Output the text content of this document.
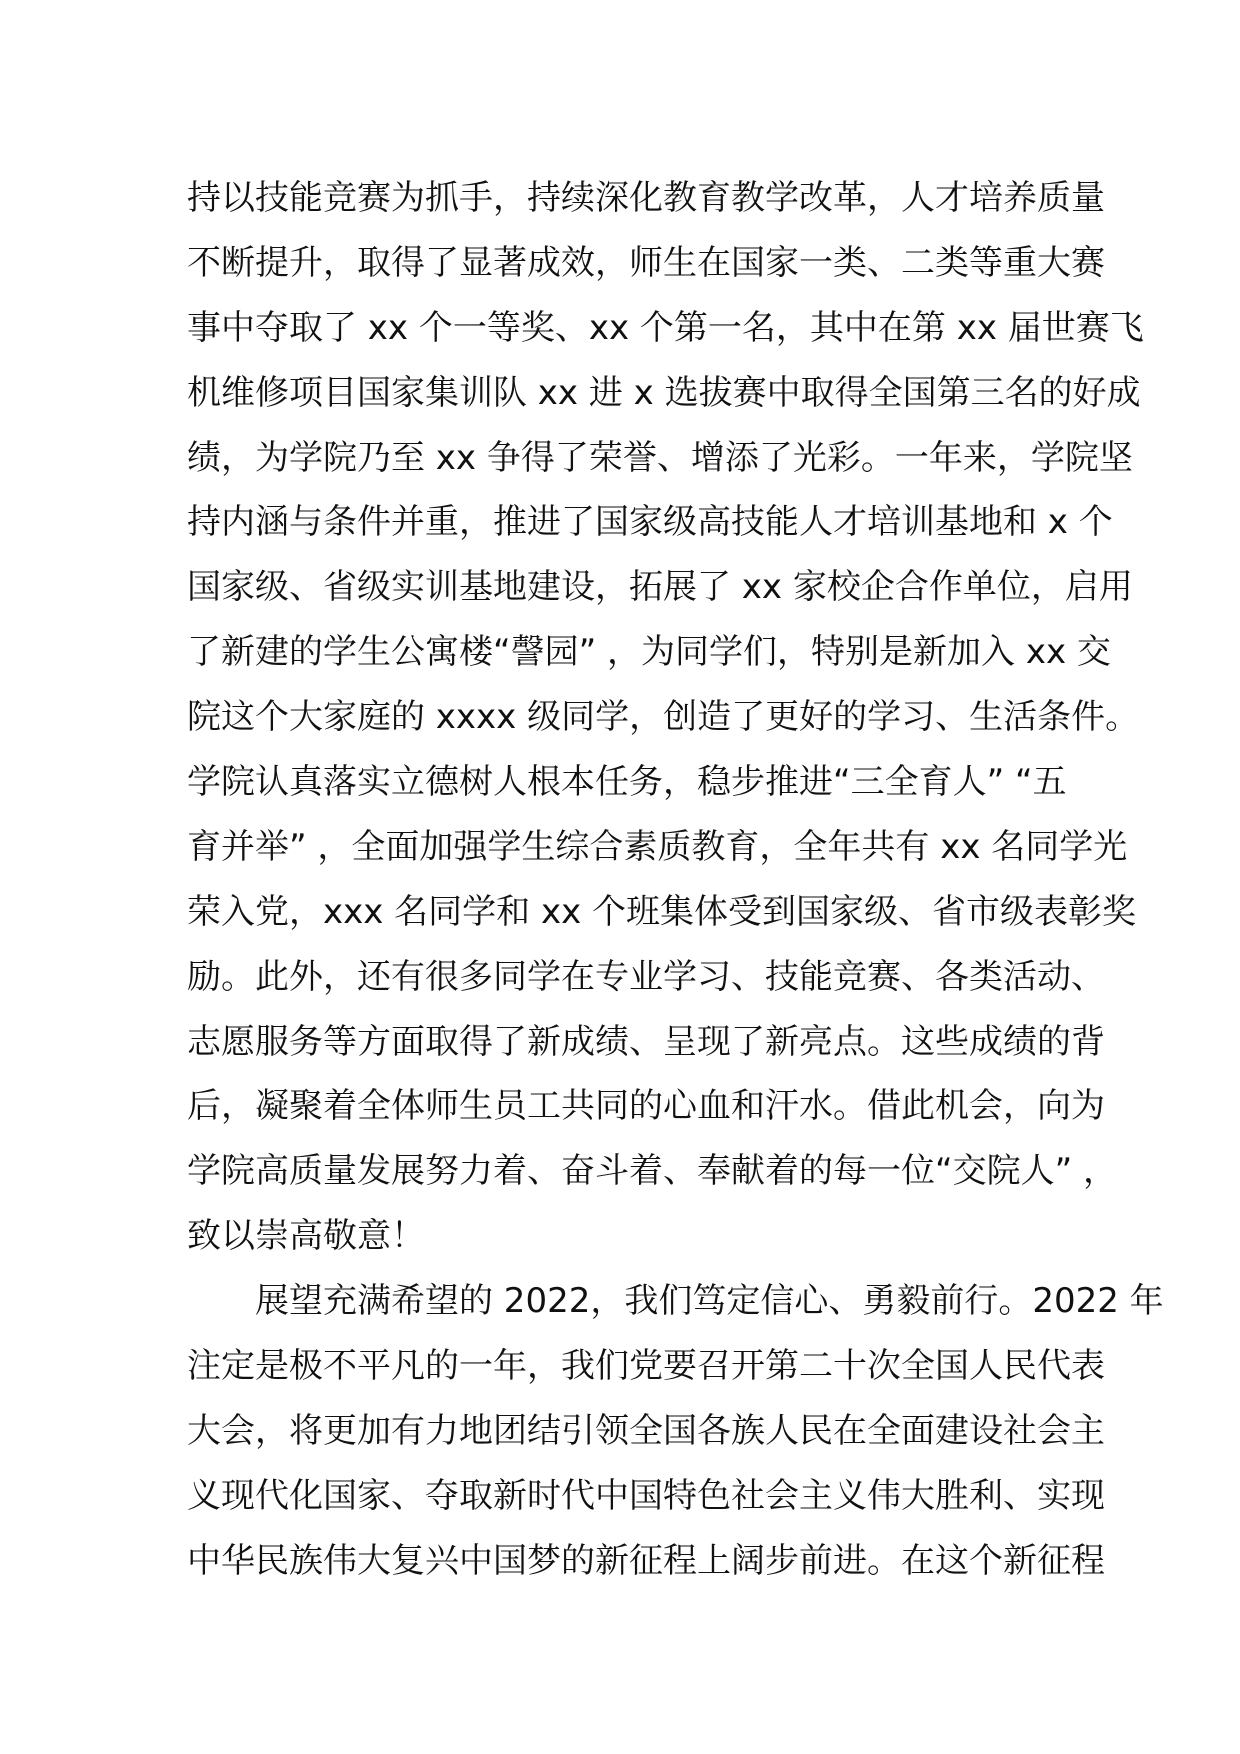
持以技能竞赛为抓手，持续深化教育教学改革，人才培养质量
不断提升，取得了显著成效，师生在国家一类、二类等重大赛
事中夺取了 xx 个一等奖、xx 个第一名，其中在第 xx 届世赛飞
机维修项目国家集训队 xx 进 x 选拔赛中取得全国第三名的好成
绩，为学院乃至 xx 争得了荣誉、增添了光彩。一年来，学院坚
持内涵与条件并重，推进了国家级高技能人才培训基地和 x 个
国家级、省级实训基地建设，拓展了 xx 家校企合作单位，启用
了新建的学生公寓楼“謦园” ，为同学们，特别是新加入 xx 交
院这个大家庭的 xxxx 级同学，创造了更好的学习、生活条件。
学院认真落实立德树人根本任务，稳步推进“三全育人” “五
育并举” ，全面加强学生综合素质教育，全年共有 xx 名同学光
荣入党，xxx 名同学和 xx 个班集体受到国家级、省市级表彰奖
励。此外，还有很多同学在专业学习、技能竞赛、各类活动、
志愿服务等方面取得了新成绩、呈现了新亮点。这些成绩的背
后，凝聚着全体师生员工共同的心血和汗水。借此机会，向为
学院高质量发展努力着、奋斗着、奉献着的每一位“交院人” ，
致以崇高敬意！
　　展望充满希望的 2022，我们笃定信心、勇毅前行。2022 年
注定是极不平凡的一年，我们党要召开第二十次全国人民代表
大会，将更加有力地团结引领全国各族人民在全面建设社会主
义现代化国家、夺取新时代中国特色社会主义伟大胜利、实现
中华民族伟大复兴中国梦的新征程上阔步前进。在这个新征程
